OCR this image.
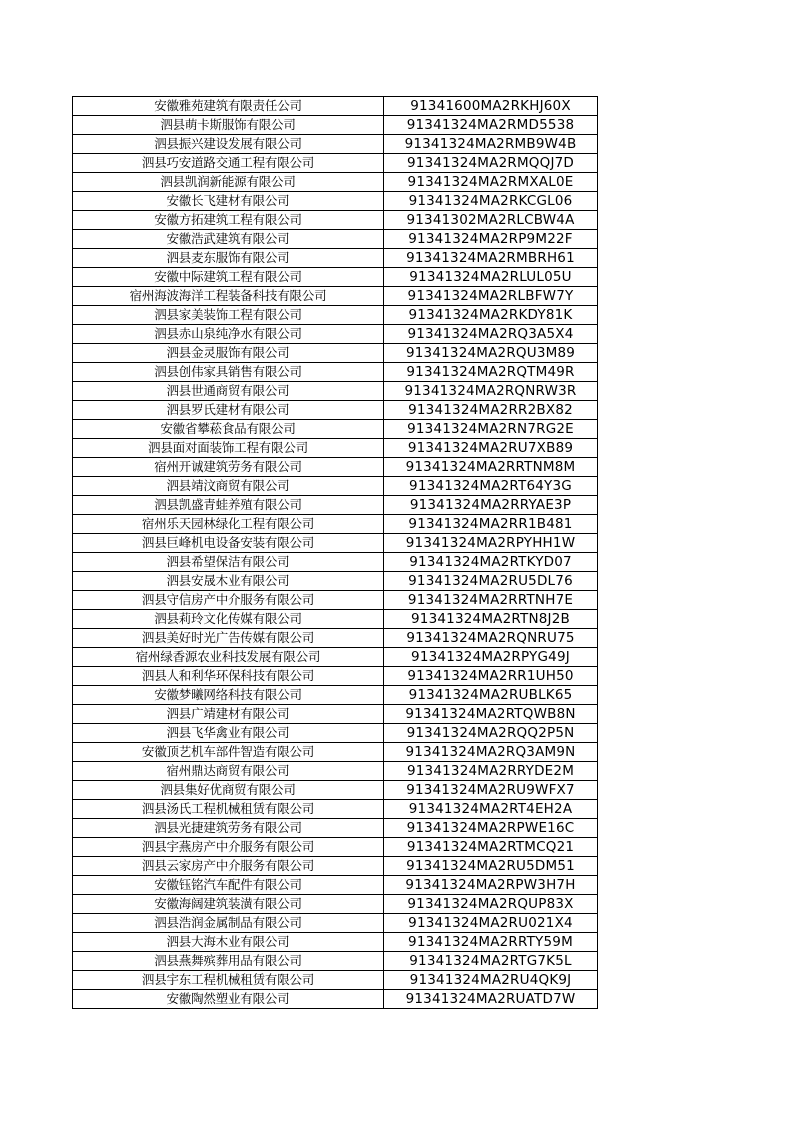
安徽雅苑建筑有限责任公司	91341600MA2RKHJ60X
泗县萌卡斯服饰有限公司	91341324MA2RMD5538
泗县振兴建设发展有限公司	91341324MA2RMB9W4B
泗县巧安道路交通工程有限公司	91341324MA2RMQQJ7D
泗县凯润新能源有限公司	91341324MA2RMXAL0E
安徽长飞建材有限公司	91341324MA2RKCGL06
安徽方拓建筑工程有限公司	91341302MA2RLCBW4A
安徽浩武建筑有限公司	91341324MA2RP9M22F
泗县麦东服饰有限公司	91341324MA2RMBRH61
安徽中际建筑工程有限公司	91341324MA2RLUL05U
宿州海波海洋工程装备科技有限公司	91341324MA2RLBFW7Y
泗县家美装饰工程有限公司	91341324MA2RKDY81K
泗县赤山泉纯净水有限公司	91341324MA2RQ3A5X4
泗县金灵服饰有限公司	91341324MA2RQU3M89
泗县创伟家具销售有限公司	91341324MA2RQTM49R
泗县世通商贸有限公司	91341324MA2RQNRW3R
泗县罗氏建材有限公司	91341324MA2RR2BX82
安徽省攀菘食品有限公司	91341324MA2RN7RG2E
泗县面对面装饰工程有限公司	91341324MA2RU7XB89
宿州开诚建筑劳务有限公司	91341324MA2RRTNM8M
泗县靖汶商贸有限公司	91341324MA2RT64Y3G
泗县凯盛青蛙养殖有限公司	91341324MA2RRYAE3P
宿州乐天园林绿化工程有限公司	91341324MA2RR1B481
泗县巨峰机电设备安装有限公司	91341324MA2RPYHH1W
泗县希望保洁有限公司	91341324MA2RTKYD07
泗县安晟木业有限公司	91341324MA2RU5DL76
泗县守信房产中介服务有限公司	91341324MA2RRTNH7E
泗县莉玲文化传媒有限公司	91341324MA2RTN8J2B
泗县美好时光广告传媒有限公司	91341324MA2RQNRU75
宿州绿香源农业科技发展有限公司	91341324MA2RPYG49J
泗县人和利华环保科技有限公司	91341324MA2RR1UH50
安徽梦曦网络科技有限公司	91341324MA2RUBLK65
泗县广靖建材有限公司	91341324MA2RTQWB8N
泗县飞华禽业有限公司	91341324MA2RQQ2P5N
安徽顶艺机车部件智造有限公司	91341324MA2RQ3AM9N
宿州鼎达商贸有限公司	91341324MA2RRYDE2M
泗县集好优商贸有限公司	91341324MA2RU9WFX7
泗县汤氏工程机械租赁有限公司	91341324MA2RT4EH2A
泗县光捷建筑劳务有限公司	91341324MA2RPWE16C
泗县宇燕房产中介服务有限公司	91341324MA2RTMCQ21
泗县云家房产中介服务有限公司	91341324MA2RU5DM51
安徽钰铭汽车配件有限公司	91341324MA2RPW3H7H
安徽海阔建筑装潢有限公司	91341324MA2RQUP83X
泗县浩润金属制品有限公司	91341324MA2RU021X4
泗县大海木业有限公司	91341324MA2RRTY59M
泗县燕舞殡葬用品有限公司	91341324MA2RTG7K5L
泗县宇东工程机械租赁有限公司	91341324MA2RU4QK9J
安徽陶然塑业有限公司	91341324MA2RUATD7W
